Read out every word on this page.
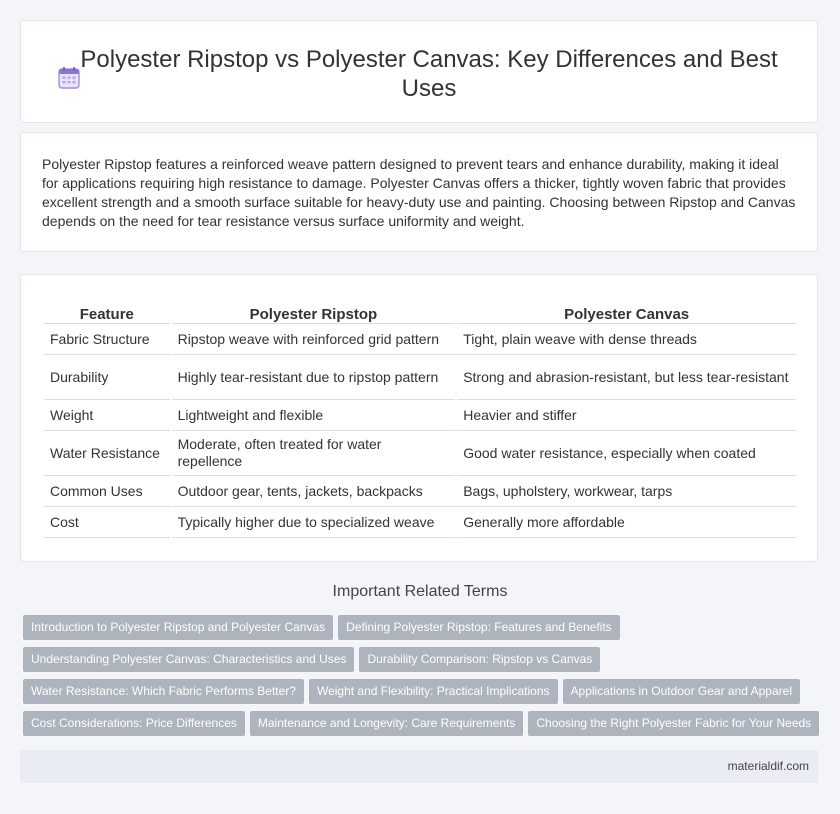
Polyester Ripstop vs Polyester Canvas: Key Differences and Best Uses

Polyester Ripstop features a reinforced weave pattern designed to prevent tears and enhance durability, making it ideal for applications requiring high resistance to damage. Polyester Canvas offers a thicker, tightly woven fabric that provides excellent strength and a smooth surface suitable for heavy-duty use and painting. Choosing between Ripstop and Canvas depends on the need for tear resistance versus surface uniformity and weight.

Feature	Polyester Ripstop	Polyester Canvas
Fabric Structure	Ripstop weave with reinforced grid pattern	Tight, plain weave with dense threads
Durability	Highly tear-resistant due to ripstop pattern	Strong and abrasion-resistant, but less tear-resistant
Weight	Lightweight and flexible	Heavier and stiffer
Water Resistance	Moderate, often treated for water repellence	Good water resistance, especially when coated
Common Uses	Outdoor gear, tents, jackets, backpacks	Bags, upholstery, workwear, tarps
Cost	Typically higher due to specialized weave	Generally more affordable
Important Related Terms
Introduction to Polyester Ripstop and Polyester Canvas Defining Polyester Ripstop: Features and Benefits
Understanding Polyester Canvas: Characteristics and Uses Durability Comparison: Ripstop vs Canvas
Water Resistance: Which Fabric Performs Better? Weight and Flexibility: Practical Implications Applications in Outdoor Gear and Apparel
Cost Considerations: Price Differences Maintenance and Longevity: Care Requirements Choosing the Right Polyester Fabric for Your Needs
materialdif.com
